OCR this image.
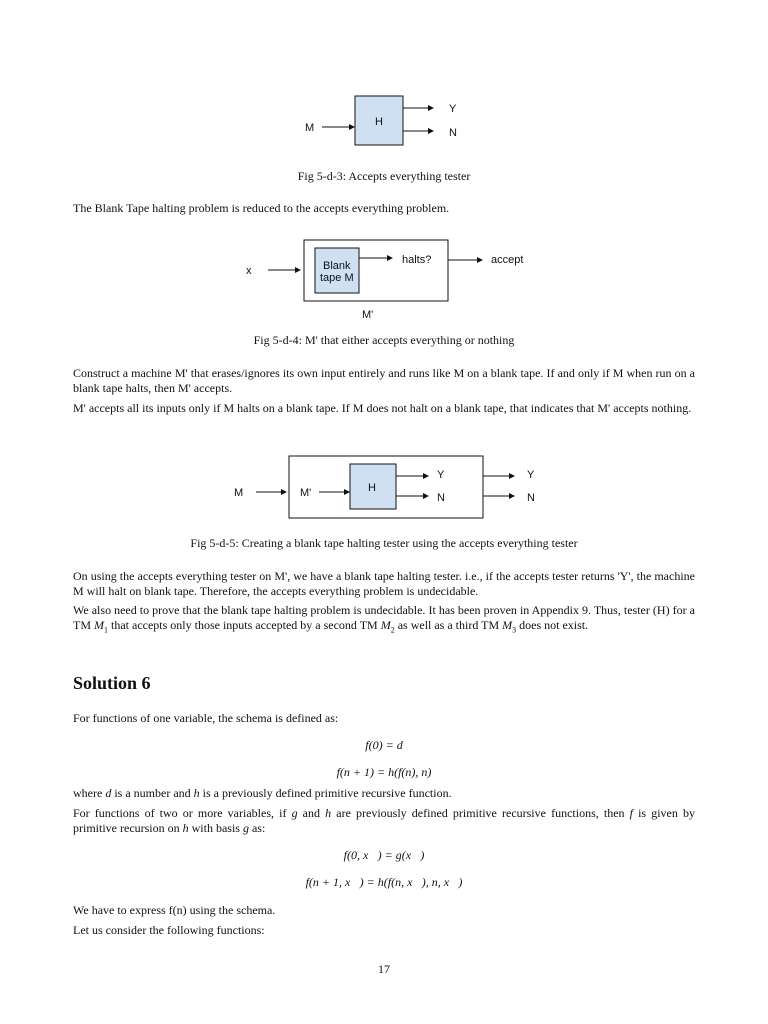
M	H
Y
N
Fig 5-d-3: Accepts everything tester

The Blank Tape halting problem is reduced to the accepts everything problem.

x	Blank
tape M
halts?	accept
M'
Fig 5-d-4: M' that either accepts everything or nothing

Construct a machine M' that erases/ignores its own input entirely and runs like M on a blank tape. If and only if M when run on a blank tape halts, then M' accepts.

M' accepts all its inputs only if M halts on a blank tape. If M does not halt on a blank tape, that indicates that M' accepts nothing.

M	M'	H
Y
N
Y
N
Fig 5-d-5: Creating a blank tape halting tester using the accepts everything tester

On using the accepts everything tester on M', we have a blank tape halting tester. i.e., if the accepts tester returns 'Y', the machine M will halt on blank tape. Therefore, the accepts everything problem is undecidable.

We also need to prove that the blank tape halting problem is undecidable. It has been proven in Appendix 9. Thus, tester (H) for a TM $M_1$ that accepts only those inputs accepted by a second TM $M_2$ as well as a third TM $M_3$ does not exist.

Solution 6

For functions of one variable, the schema is defined as:

f(0) = d
f(n + 1) = h(f(n), n)

where d is a number and h is a previously defined primitive recursive function.

For functions of two or more variables, if g and h are previously defined primitive recursive functions, then f is given by primitive recursion on h with basis g as:

f(0, x⃗) = g(x⃗)
f(n + 1, x⃗) = h(f(n, x⃗), n, x⃗)

We have to express f(n) using the schema.

Let us consider the following functions:

17
